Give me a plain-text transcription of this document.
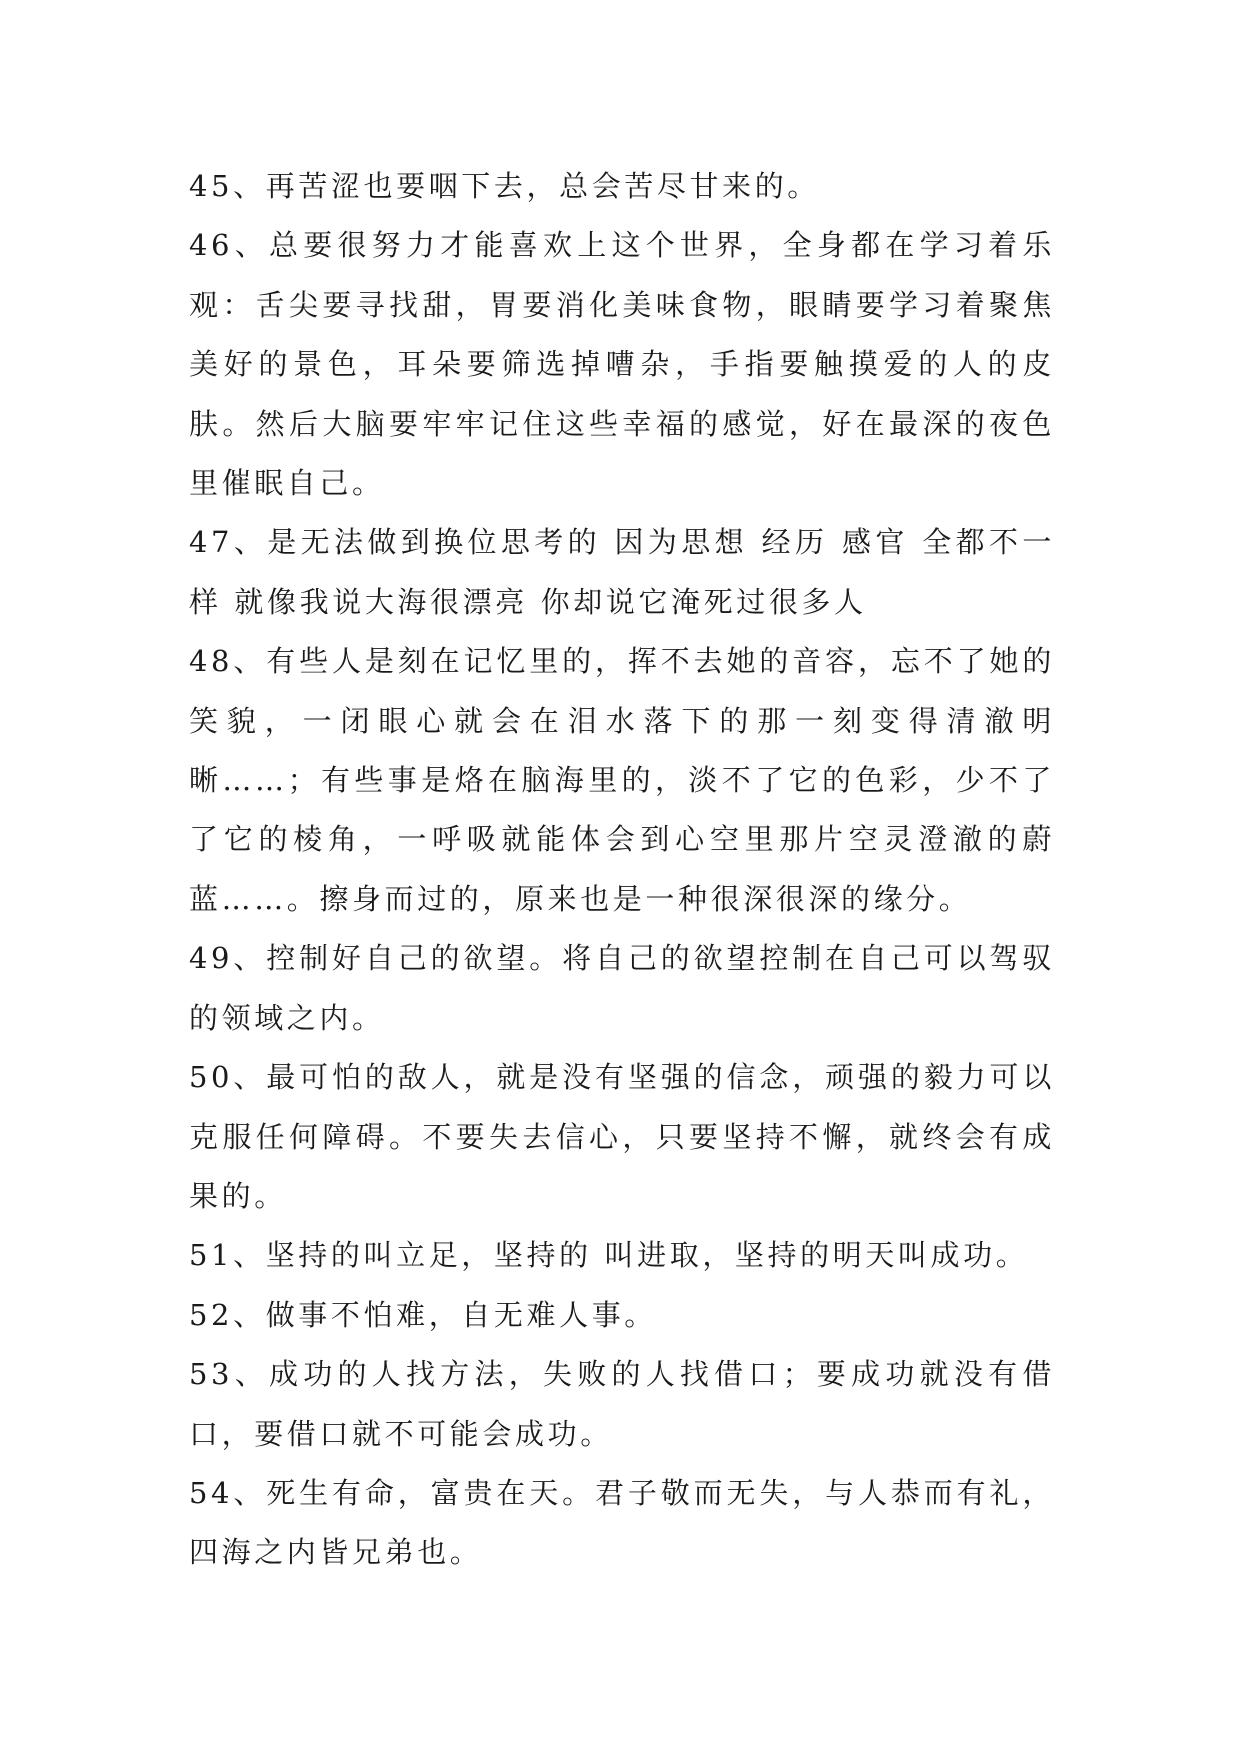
45、再苦涩也要咽下去，总会苦尽甘来的。

46、总要很努力才能喜欢上这个世界，全身都在学习着乐观：舌尖要寻找甜，胃要消化美味食物，眼睛要学习着聚焦美好的景色，耳朵要筛选掉嘈杂，手指要触摸爱的人的皮肤。然后大脑要牢牢记住这些幸福的感觉，好在最深的夜色里催眠自己。

47、是无法做到换位思考的 因为思想 经历 感官 全都不一样 就像我说大海很漂亮 你却说它淹死过很多人

48、有些人是刻在记忆里的，挥不去她的音容，忘不了她的笑貌，一闭眼心就会在泪水落下的那一刻变得清澈明晰……；有些事是烙在脑海里的，淡不了它的色彩，少不了了它的棱角，一呼吸就能体会到心空里那片空灵澄澈的蔚蓝……。擦身而过的，原来也是一种很深很深的缘分。

49、控制好自己的欲望。将自己的欲望控制在自己可以驾驭的领域之内。

50、最可怕的敌人，就是没有坚强的信念，顽强的毅力可以克服任何障碍。不要失去信心，只要坚持不懈，就终会有成果的。

51、坚持的叫立足，坚持的 叫进取，坚持的明天叫成功。

52、做事不怕难，自无难人事。

53、成功的人找方法，失败的人找借口；要成功就没有借口，要借口就不可能会成功。

54、死生有命，富贵在天。君子敬而无失，与人恭而有礼，四海之内皆兄弟也。
